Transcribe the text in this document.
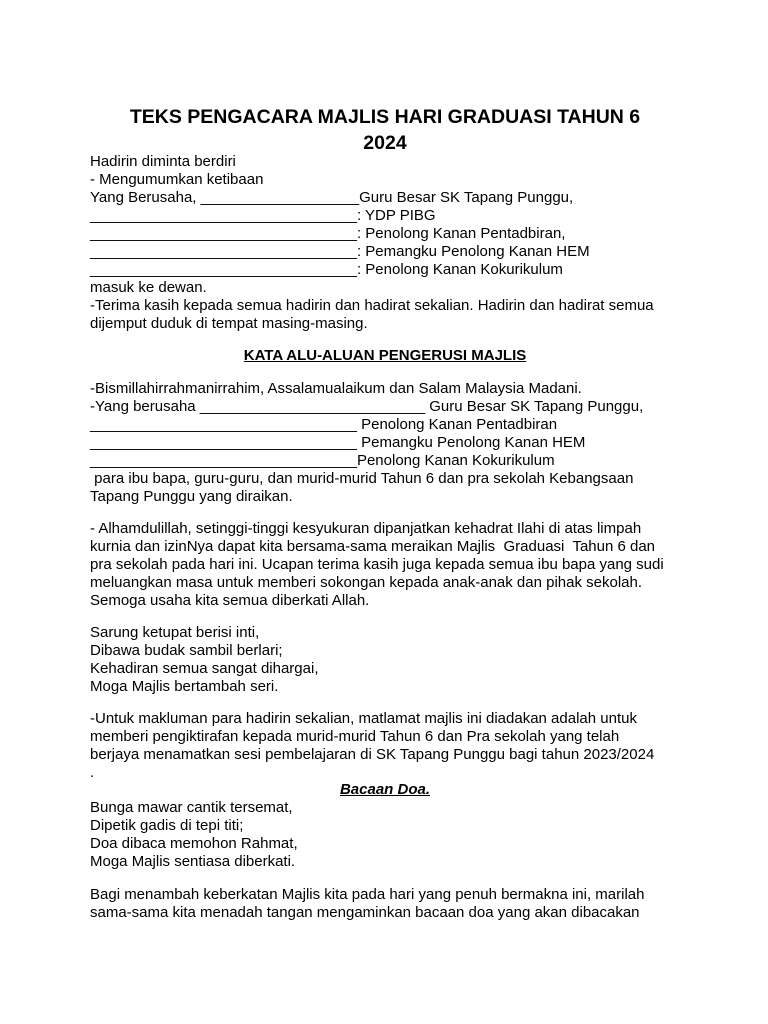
TEKS PENGACARA MAJLIS HARI GRADUASI TAHUN 6
2024
Hadirin diminta berdiri
- Mengumumkan ketibaan
Yang Berusaha, ___________________Guru Besar SK Tapang Punggu,
________________________________: YDP PIBG
________________________________: Penolong Kanan Pentadbiran,
________________________________: Pemangku Penolong Kanan HEM
________________________________: Penolong Kanan Kokurikulum
masuk ke dewan.
-Terima kasih kepada semua hadirin dan hadirat sekalian. Hadirin dan hadirat semua
dijemput duduk di tempat masing-masing.
KATA ALU-ALUAN PENGERUSI MAJLIS
-Bismillahirrahmanirrahim, Assalamualaikum dan Salam Malaysia Madani.
-Yang berusaha ___________________________ Guru Besar SK Tapang Punggu,
________________________________ Penolong Kanan Pentadbiran
________________________________ Pemangku Penolong Kanan HEM
________________________________Penolong Kanan Kokurikulum
para ibu bapa, guru-guru, dan murid-murid Tahun 6 dan pra sekolah Kebangsaan
Tapang Punggu yang diraikan.
- Alhamdulillah, setinggi-tinggi kesyukuran dipanjatkan kehadrat Ilahi di atas limpah
kurnia dan izinNya dapat kita bersama-sama meraikan Majlis  Graduasi  Tahun 6 dan
pra sekolah pada hari ini. Ucapan terima kasih juga kepada semua ibu bapa yang sudi
meluangkan masa untuk memberi sokongan kepada anak-anak dan pihak sekolah.
Semoga usaha kita semua diberkati Allah.
Sarung ketupat berisi inti,
Dibawa budak sambil berlari;
Kehadiran semua sangat dihargai,
Moga Majlis bertambah seri.
-Untuk makluman para hadirin sekalian, matlamat majlis ini diadakan adalah untuk
memberi pengiktirafan kepada murid-murid Tahun 6 dan Pra sekolah yang telah
berjaya menamatkan sesi pembelajaran di SK Tapang Punggu bagi tahun 2023/2024
.
Bacaan Doa.
Bunga mawar cantik tersemat,
Dipetik gadis di tepi titi;
Doa dibaca memohon Rahmat,
Moga Majlis sentiasa diberkati.
Bagi menambah keberkatan Majlis kita pada hari yang penuh bermakna ini, marilah
sama-sama kita menadah tangan mengaminkan bacaan doa yang akan dibacakan
